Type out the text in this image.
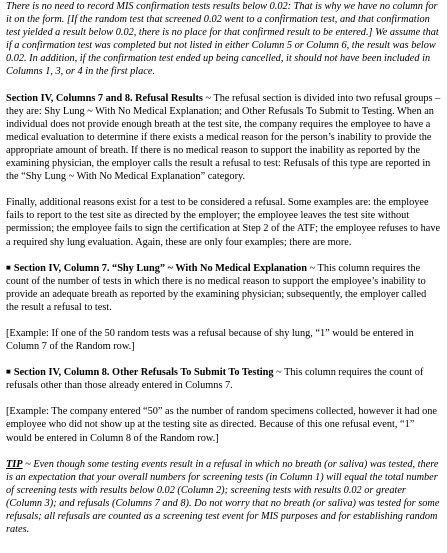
There is no need to record MIS confirmation tests results below 0.02: That is why we have no column for it on the form. [If the random test that screened 0.02 went to a confirmation test, and that confirmation test yielded a result below 0.02, there is no place for that confirmed result to be entered.] We assume that if a confirmation test was completed but not listed in either Column 5 or Column 6, the result was below 0.02. In addition, if the confirmation test ended up being cancelled, it should not have been included in Columns 1, 3, or 4 in the first place.

Section IV, Columns 7 and 8. Refusal Results ~ The refusal section is divided into two refusal groups – they are: Shy Lung ~ With No Medical Explanation; and Other Refusals To Submit to Testing. When an individual does not provide enough breath at the test site, the company requires the employee to have a medical evaluation to determine if there exists a medical reason for the person’s inability to provide the appropriate amount of breath. If there is no medical reason to support the inability as reported by the examining physician, the employer calls the result a refusal to test: Refusals of this type are reported in the “Shy Lung ~ With No Medical Explanation” category.

Finally, additional reasons exist for a test to be considered a refusal. Some examples are: the employee fails to report to the test site as directed by the employer; the employee leaves the test site without permission; the employee fails to sign the certification at Step 2 of the ATF; the employee refuses to have a required shy lung evaluation. Again, these are only four examples; there are more.

■ Section IV, Column 7. “Shy Lung” ~ With No Medical Explanation ~ This column requires the count of the number of tests in which there is no medical reason to support the employee’s inability to provide an adequate breath as reported by the examining physician; subsequently, the employer called the result a refusal to test.

[Example: If one of the 50 random tests was a refusal because of shy lung, “1” would be entered in Column 7 of the Random row.]

■ Section IV, Column 8. Other Refusals To Submit To Testing ~ This column requires the count of refusals other than those already entered in Columns 7.

[Example: The company entered “50” as the number of random specimens collected, however it had one employee who did not show up at the testing site as directed. Because of this one refusal event, “1” would be entered in Column 8 of the Random row.]

TIP ~ Even though some testing events result in a refusal in which no breath (or saliva) was tested, there is an expectation that your overall numbers for screening tests (in Column 1) will equal the total number of screening tests with results below 0.02 (Column 2); screening tests with results 0.02 or greater (Column 3); and refusals (Columns 7 and 8). Do not worry that no breath (or saliva) was tested for some refusals; all refusals are counted as a screening test event for MIS purposes and for establishing random rates.
